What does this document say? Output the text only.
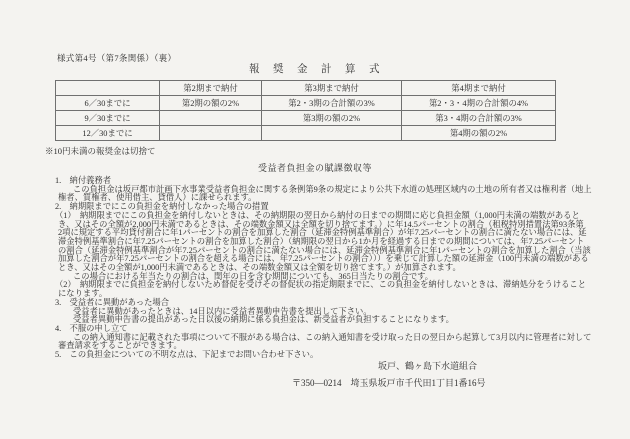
様式第4号（第7条関係）（裏）
報　奨　金　計　算　式
	第2期まで納付	第3期まで納付	第4期まで納付
6／30までに	第2期の額の2%	第2・3期の合計額の3%	第2・3・4期の合計額の4%
9／30までに		第3期の額の2%	第3・4期の合計額の3%
12／30までに			第4期の額の2%
※10円未満の報奨金は切捨て
受益者負担金の賦課徴収等
1.　納付義務者
この負担金は坂戸都市計画下水事業受益者負担金に関する条例第9条の規定により公共下水道の処理区域内の土地の所有者又は権利者（地上
権者、質権者、使用借主、貸借人）に課せられます。
2.　納期限までにこの負担金を納付しなかった場合の措置
（1）　納期限までにこの負担金を納付しないときは、その納期限の翌日から納付の日までの期間に応じ負担金額（1,000円未満の端数があると
き、又はその全額が2,000円未満であるときは、その端数金額又は全額を切り捨てます。）に年14.5パーセントの割合（租税特別措置法第93条第
2項に規定する平均貸付割合に年1パーセントの割合を加算した割合（延滞金特例基準割合）が年7.25パーセントの割合に満たない場合には、延
滞金特例基準割合に年7.25パーセントの割合を加算した割合）（納期限の翌日から1か月を経過する日までの期間については、年7.25パーセント
の割合（延滞金特例基準割合が年7.25パーセントの割合に満たない場合には、延滞金特例基準割合に年1パーセントの割合を加算した割合（当該
加算した割合が年7.25パーセントの割合を超える場合には、年7.25パーセントの割合）））を乗じて計算した額の延滞金（100円未満の端数がある
とき、又はその全額が1,000円未満であるときは、その端数金額又は全額を切り捨てます。）が加算されます。
この場合における年当たりの割合は、閏年の日を含む期間についても、365日当たりの割合です。
（2）　納期限までに負担金を納付しないため督促を受けその督促状の指定期限までに、この負担金を納付しないときは、滞納処分をうけること
になります。
3.　受益者に異動があった場合
受益者に異動があったときは、14日以内に受益者異動申告書を提出して下さい。
受益者異動申告書の提出があった日以後の納期に係る負担金は、新受益者が負担することになります。
4.　不服の申し立て
この納入通知書に記載された事項について不服がある場合は、この納入通知書を受け取った日の翌日から起算して3月以内に管理者に対して
審査請求をすることができます。
5.　この負担金についての不明な点は、下記までお問い合わせ下さい。
坂戸、鶴ヶ島下水道組合
〒350—0214　埼玉県坂戸市千代田1丁目1番16号
